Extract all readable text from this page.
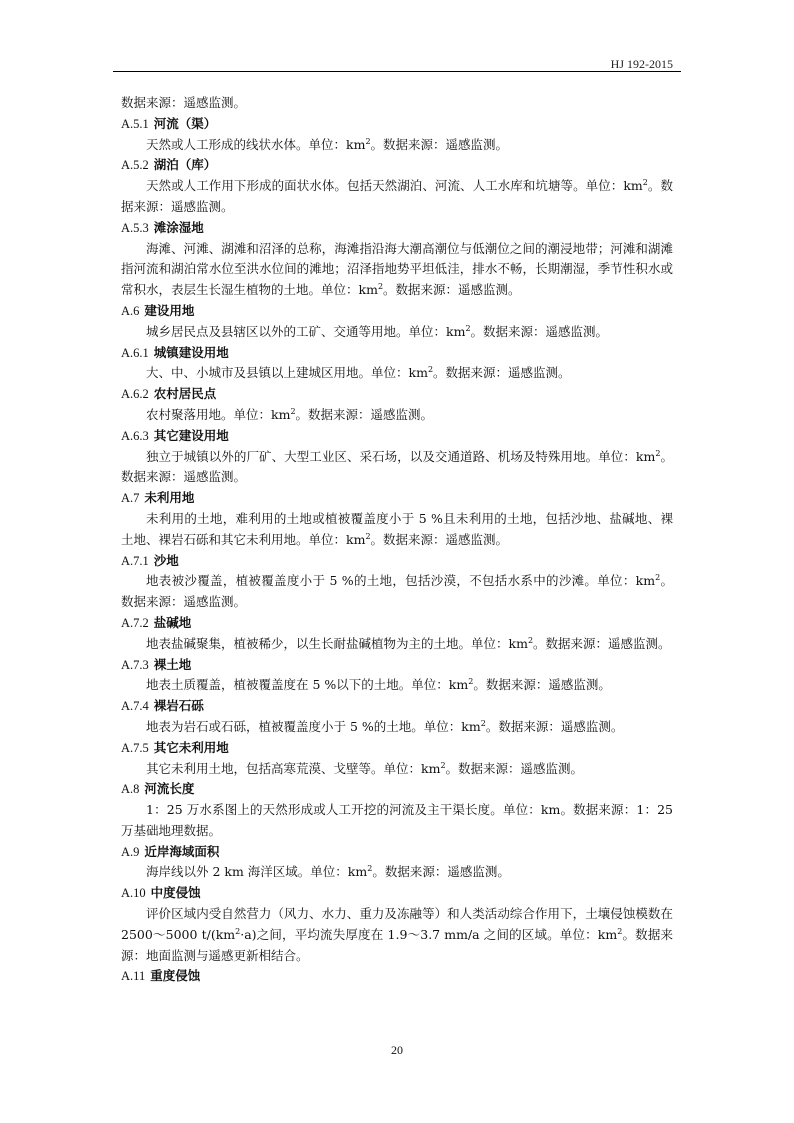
HJ 192-2015

数据来源：遥感监测。

A.5.1 河流（渠）

天然或人工形成的线状水体。单位：$km^2$。数据来源：遥感监测。

A.5.2 湖泊（库）

天然或人工作用下形成的面状水体。包括天然湖泊、河流、人工水库和坑塘等。单位：$km^2$。数据来源：遥感监测。

A.5.3 滩涂湿地

海滩、河滩、湖滩和沼泽的总称，海滩指沿海大潮高潮位与低潮位之间的潮浸地带；河滩和湖滩指河流和湖泊常水位至洪水位间的滩地；沼泽指地势平坦低洼，排水不畅，长期潮湿，季节性积水或常积水，表层生长湿生植物的土地。单位：$km^2$。数据来源：遥感监测。

A.6 建设用地

城乡居民点及县辖区以外的工矿、交通等用地。单位：$km^2$。数据来源：遥感监测。

A.6.1 城镇建设用地

大、中、小城市及县镇以上建城区用地。单位：$km^2$。数据来源：遥感监测。

A.6.2 农村居民点

农村聚落用地。单位：$km^2$。数据来源：遥感监测。

A.6.3 其它建设用地

独立于城镇以外的厂矿、大型工业区、采石场，以及交通道路、机场及特殊用地。单位：$km^2$。数据来源：遥感监测。

A.7 未利用地

未利用的土地，难利用的土地或植被覆盖度小于 5 %且未利用的土地，包括沙地、盐碱地、裸土地、裸岩石砾和其它未利用地。单位：$km^2$。数据来源：遥感监测。

A.7.1 沙地

地表被沙覆盖，植被覆盖度小于 5 %的土地，包括沙漠，不包括水系中的沙滩。单位：$km^2$。数据来源：遥感监测。

A.7.2 盐碱地

地表盐碱聚集，植被稀少，以生长耐盐碱植物为主的土地。单位：$km^2$。数据来源：遥感监测。

A.7.3 裸土地

地表土质覆盖，植被覆盖度在 5 %以下的土地。单位：$km^2$。数据来源：遥感监测。

A.7.4 裸岩石砾

地表为岩石或石砾，植被覆盖度小于 5 %的土地。单位：$km^2$。数据来源：遥感监测。

A.7.5 其它未利用地

其它未利用土地，包括高寒荒漠、戈壁等。单位：$km^2$。数据来源：遥感监测。

A.8 河流长度

1：25 万水系图上的天然形成或人工开挖的河流及主干渠长度。单位：km。数据来源：1：25 万基础地理数据。

A.9 近岸海域面积

海岸线以外 2 km 海洋区域。单位：$km^2$。数据来源：遥感监测。

A.10 中度侵蚀

评价区域内受自然营力（风力、水力、重力及冻融等）和人类活动综合作用下，土壤侵蚀模数在 2500～5000 $t/(km^2\cdot a)$之间，平均流失厚度在 1.9～3.7 mm/a 之间的区域。单位：$km^2$。数据来源：地面监测与遥感更新相结合。

A.11 重度侵蚀

20
